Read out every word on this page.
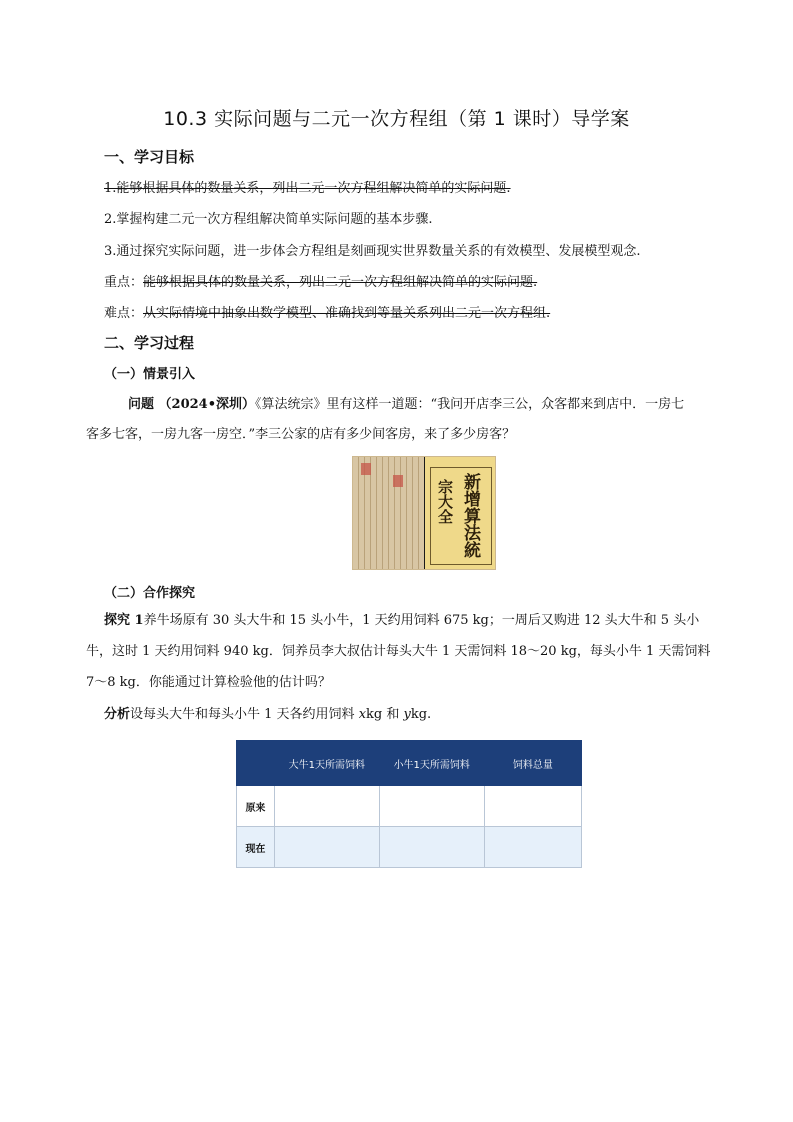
10.3 实际问题与二元一次方程组（第 1 课时）导学案
一、学习目标
1.能够根据具体的数量关系，列出二元一次方程组解决简单的实际问题.
2.掌握构建二元一次方程组解决简单实际问题的基本步骤.
3.通过探究实际问题，进一步体会方程组是刻画现实世界数量关系的有效模型、发展模型观念.
重点：能够根据具体的数量关系，列出二元一次方程组解决简单的实际问题.
难点：从实际情境中抽象出数学模型、准确找到等量关系列出二元一次方程组.
二、学习过程
（一）情景引入
问题 （2024•深圳）《算法统宗》里有这样一道题：“我问开店李三公，众客都来到店中．一房七
客多七客，一房九客一房空．”李三公家的店有多少间客房，来了多少房客？
新增算法統
宗大全
（二）合作探究
探究 1养牛场原有 30 头大牛和 15 头小牛，1 天约用饲料 675 kg；一周后又购进 12 头大牛和 5 头小
牛，这时 1 天约用饲料 940 kg．饲养员李大叔估计每头大牛 1 天需饲料 18～20 kg，每头小牛 1 天需饲料
7～8 kg．你能通过计算检验他的估计吗？
分析设每头大牛和每头小牛 1 天各约用饲料 xkg 和 ykg.
	大牛1天所需饲料	小牛1天所需饲料	饲料总量
原来			
现在			
